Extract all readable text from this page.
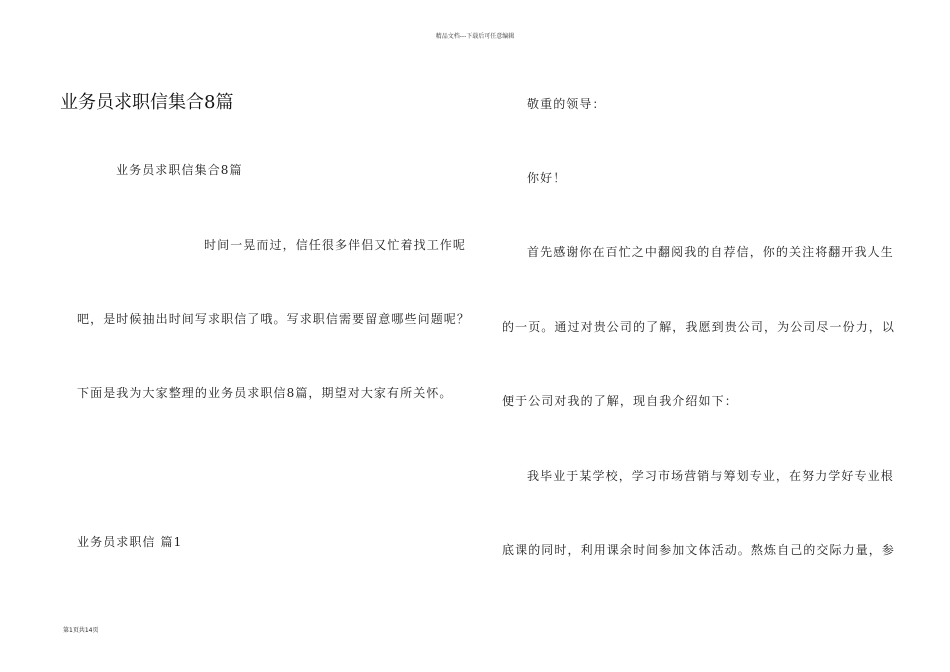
精品文档---下载后可任意编辑
业务员求职信集合8篇
业务员求职信集合8篇
时间一晃而过，信任很多伴侣又忙着找工作呢
吧，是时候抽出时间写求职信了哦。写求职信需要留意哪些问题呢？
下面是我为大家整理的业务员求职信8篇，期望对大家有所关怀。
业务员求职信 篇1
敬重的领导：
你好！
首先感谢你在百忙之中翻阅我的自荐信，你的关注将翻开我人生
的一页。通过对贵公司的了解，我愿到贵公司，为公司尽一份力，以
便于公司对我的了解，现自我介绍如下：
我毕业于某学校，学习市场营销与筹划专业，在努力学好专业根
底课的同时，利用课余时间参加文体活动。熬炼自己的交际力量，参
第1页共14页
